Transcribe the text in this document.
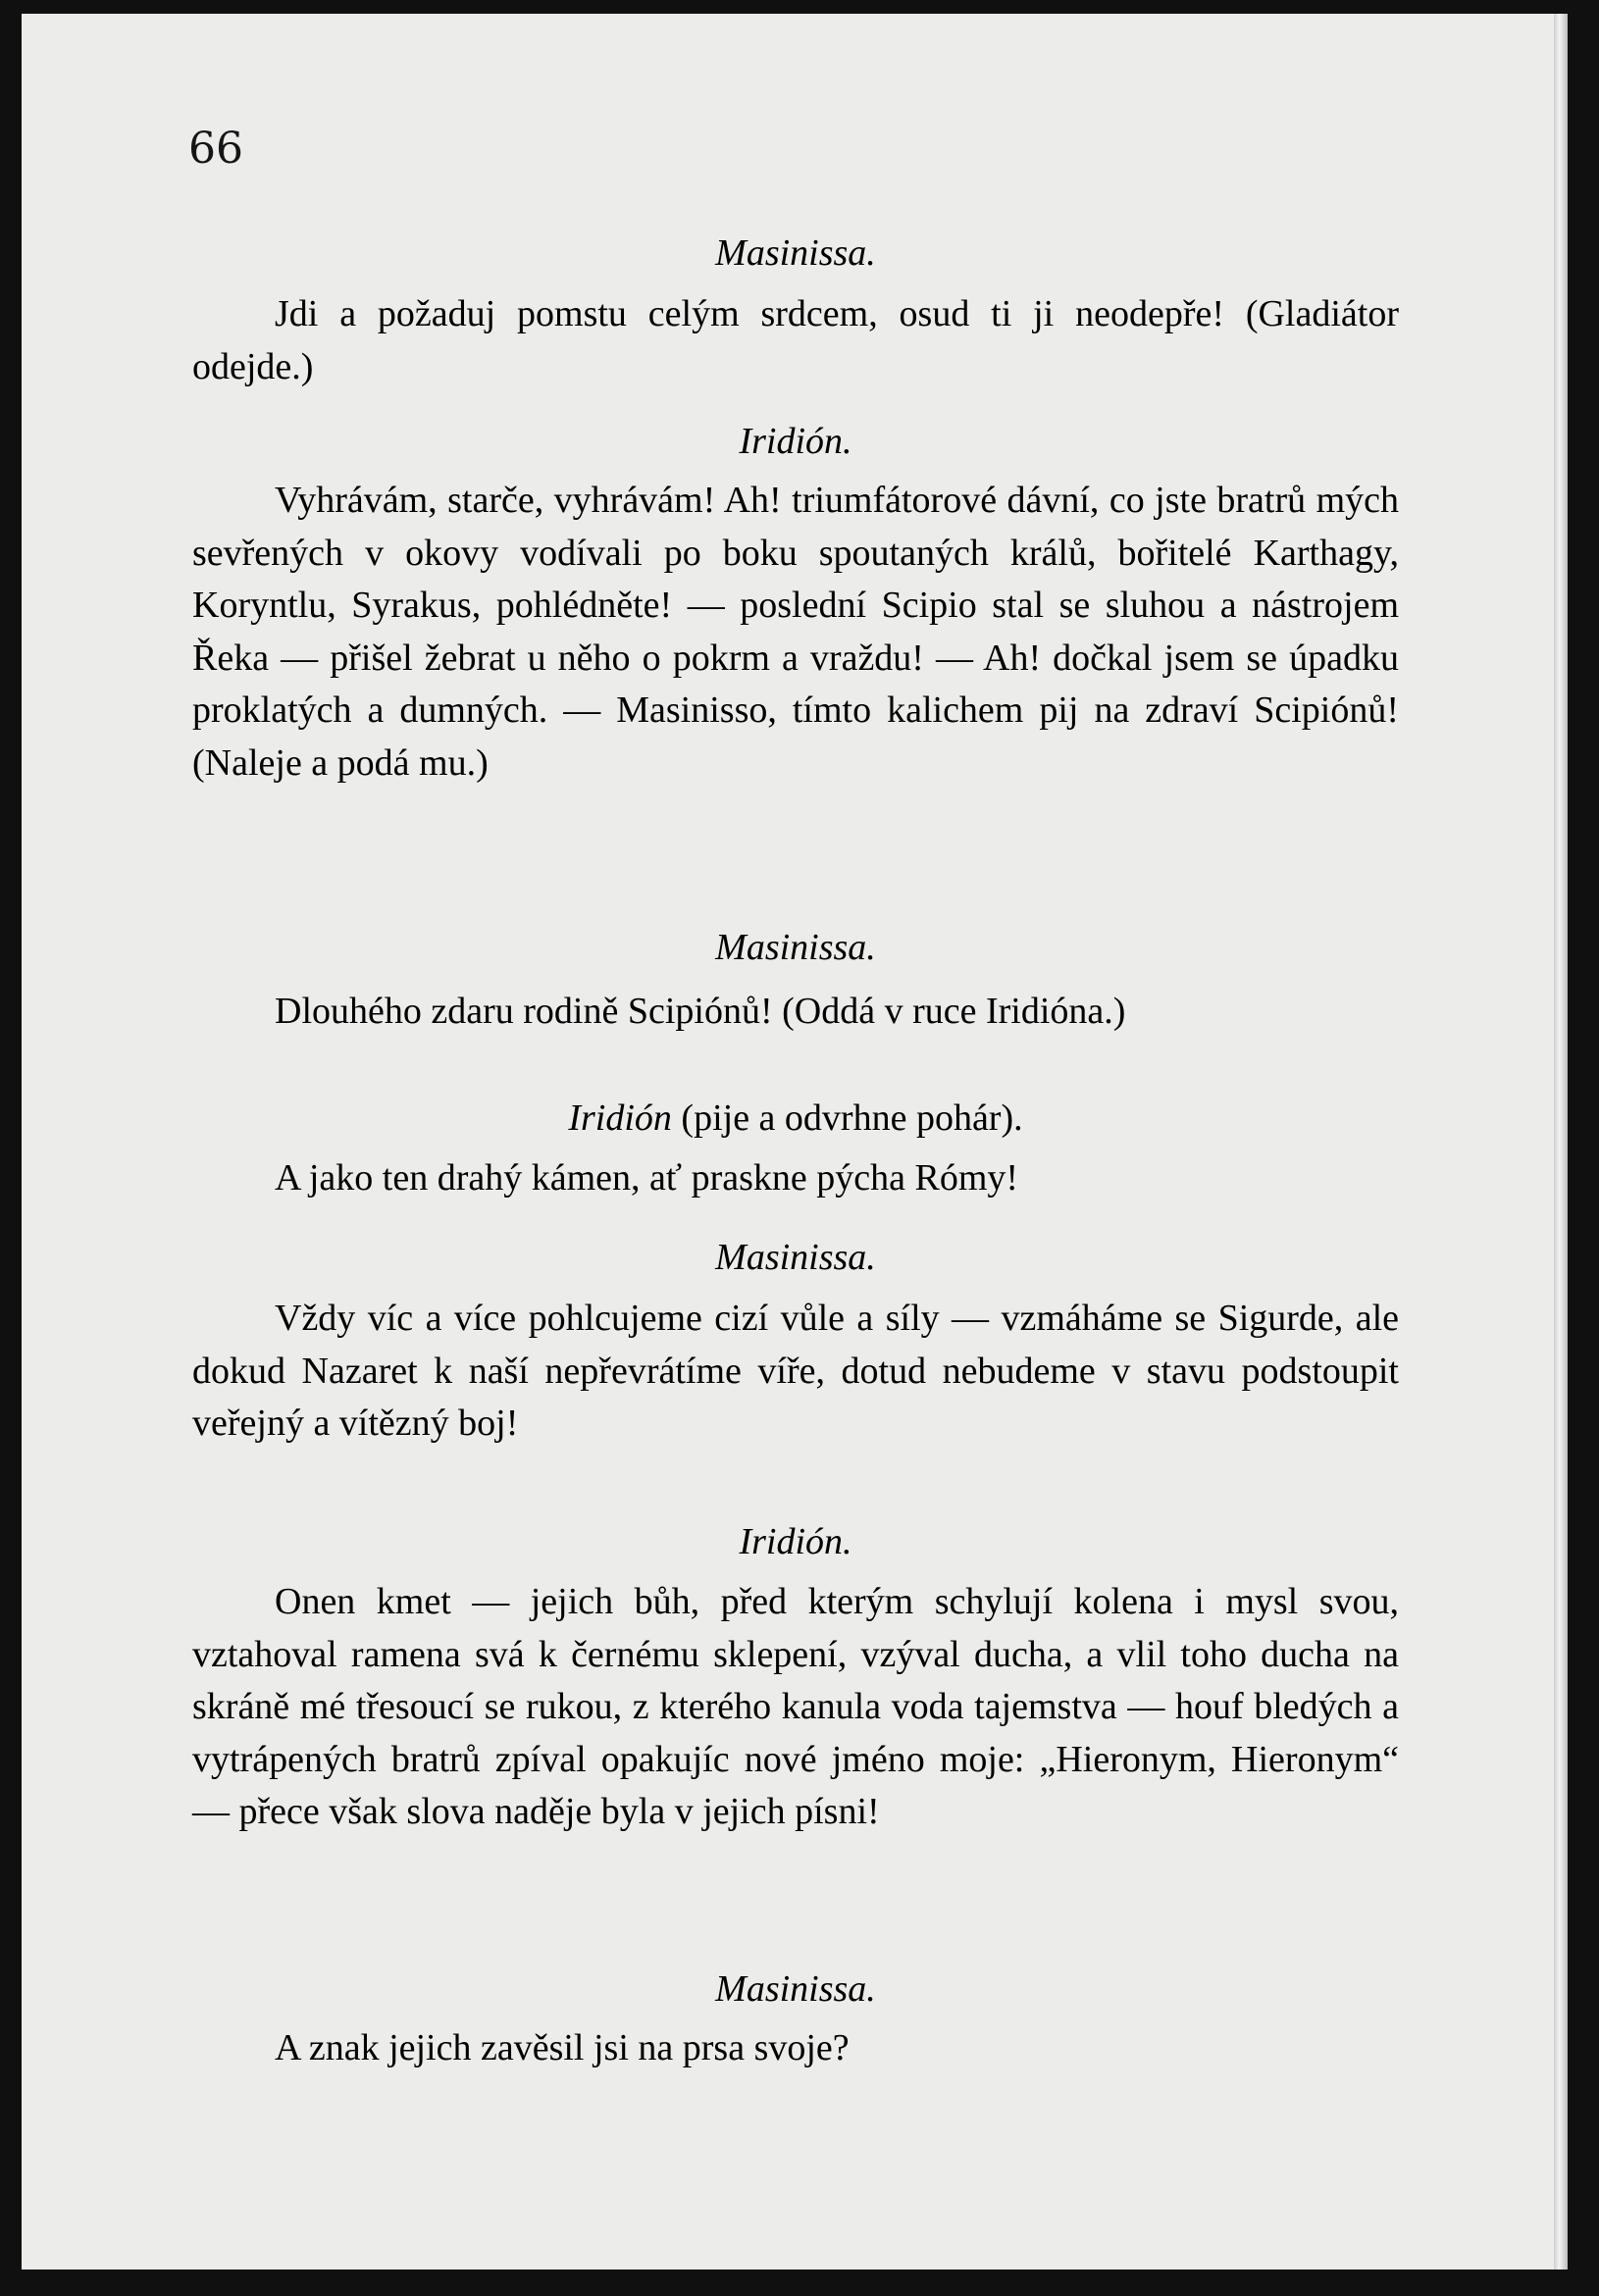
66

Masinissa.

Jdi a požaduj pomstu celým srdcem, osud ti ji neodepře! (Gladiátor odejde.)

Iridión.

Vyhrávám, starče, vyhrávám! Ah! triumfátorové dávní, co jste bratrů mých sevřených v okovy vodívali po boku spoutaných králů, bořitelé Karthagy, Koryntlu, Syrakus, pohlédněte! — poslední Scipio stal se sluhou a nástrojem Řeka — přišel žebrat u něho o pokrm a vraždu! — Ah! dočkal jsem se úpadku proklatých a dumných. — Masinisso, tímto kalichem pij na zdraví Scipiónů! (Naleje a podá mu.)

Masinissa.

Dlouhého zdaru rodině Scipiónů! (Oddá v ruce Iridióna.)

Iridión (pije a odvrhne pohár).

A jako ten drahý kámen, ať praskne pýcha Rómy!

Masinissa.

Vždy víc a více pohlcujeme cizí vůle a síly — vzmáháme se Sigurde, ale dokud Nazaret k naší nepřevrátíme víře, dotud nebudeme v stavu podstoupit veřejný a vítězný boj!

Iridión.

Onen kmet — jejich bůh, před kterým schylují kolena i mysl svou, vztahoval ramena svá k černému sklepení, vzýval ducha, a vlil toho ducha na skráně mé třesoucí se rukou, z kterého kanula voda tajemstva — houf bledých a vytrápených bratrů zpíval opakujíc nové jméno moje: „Hieronym, Hieronym“ — přece však slova naděje byla v jejich písni!

Masinissa.

A znak jejich zavěsil jsi na prsa svoje?
